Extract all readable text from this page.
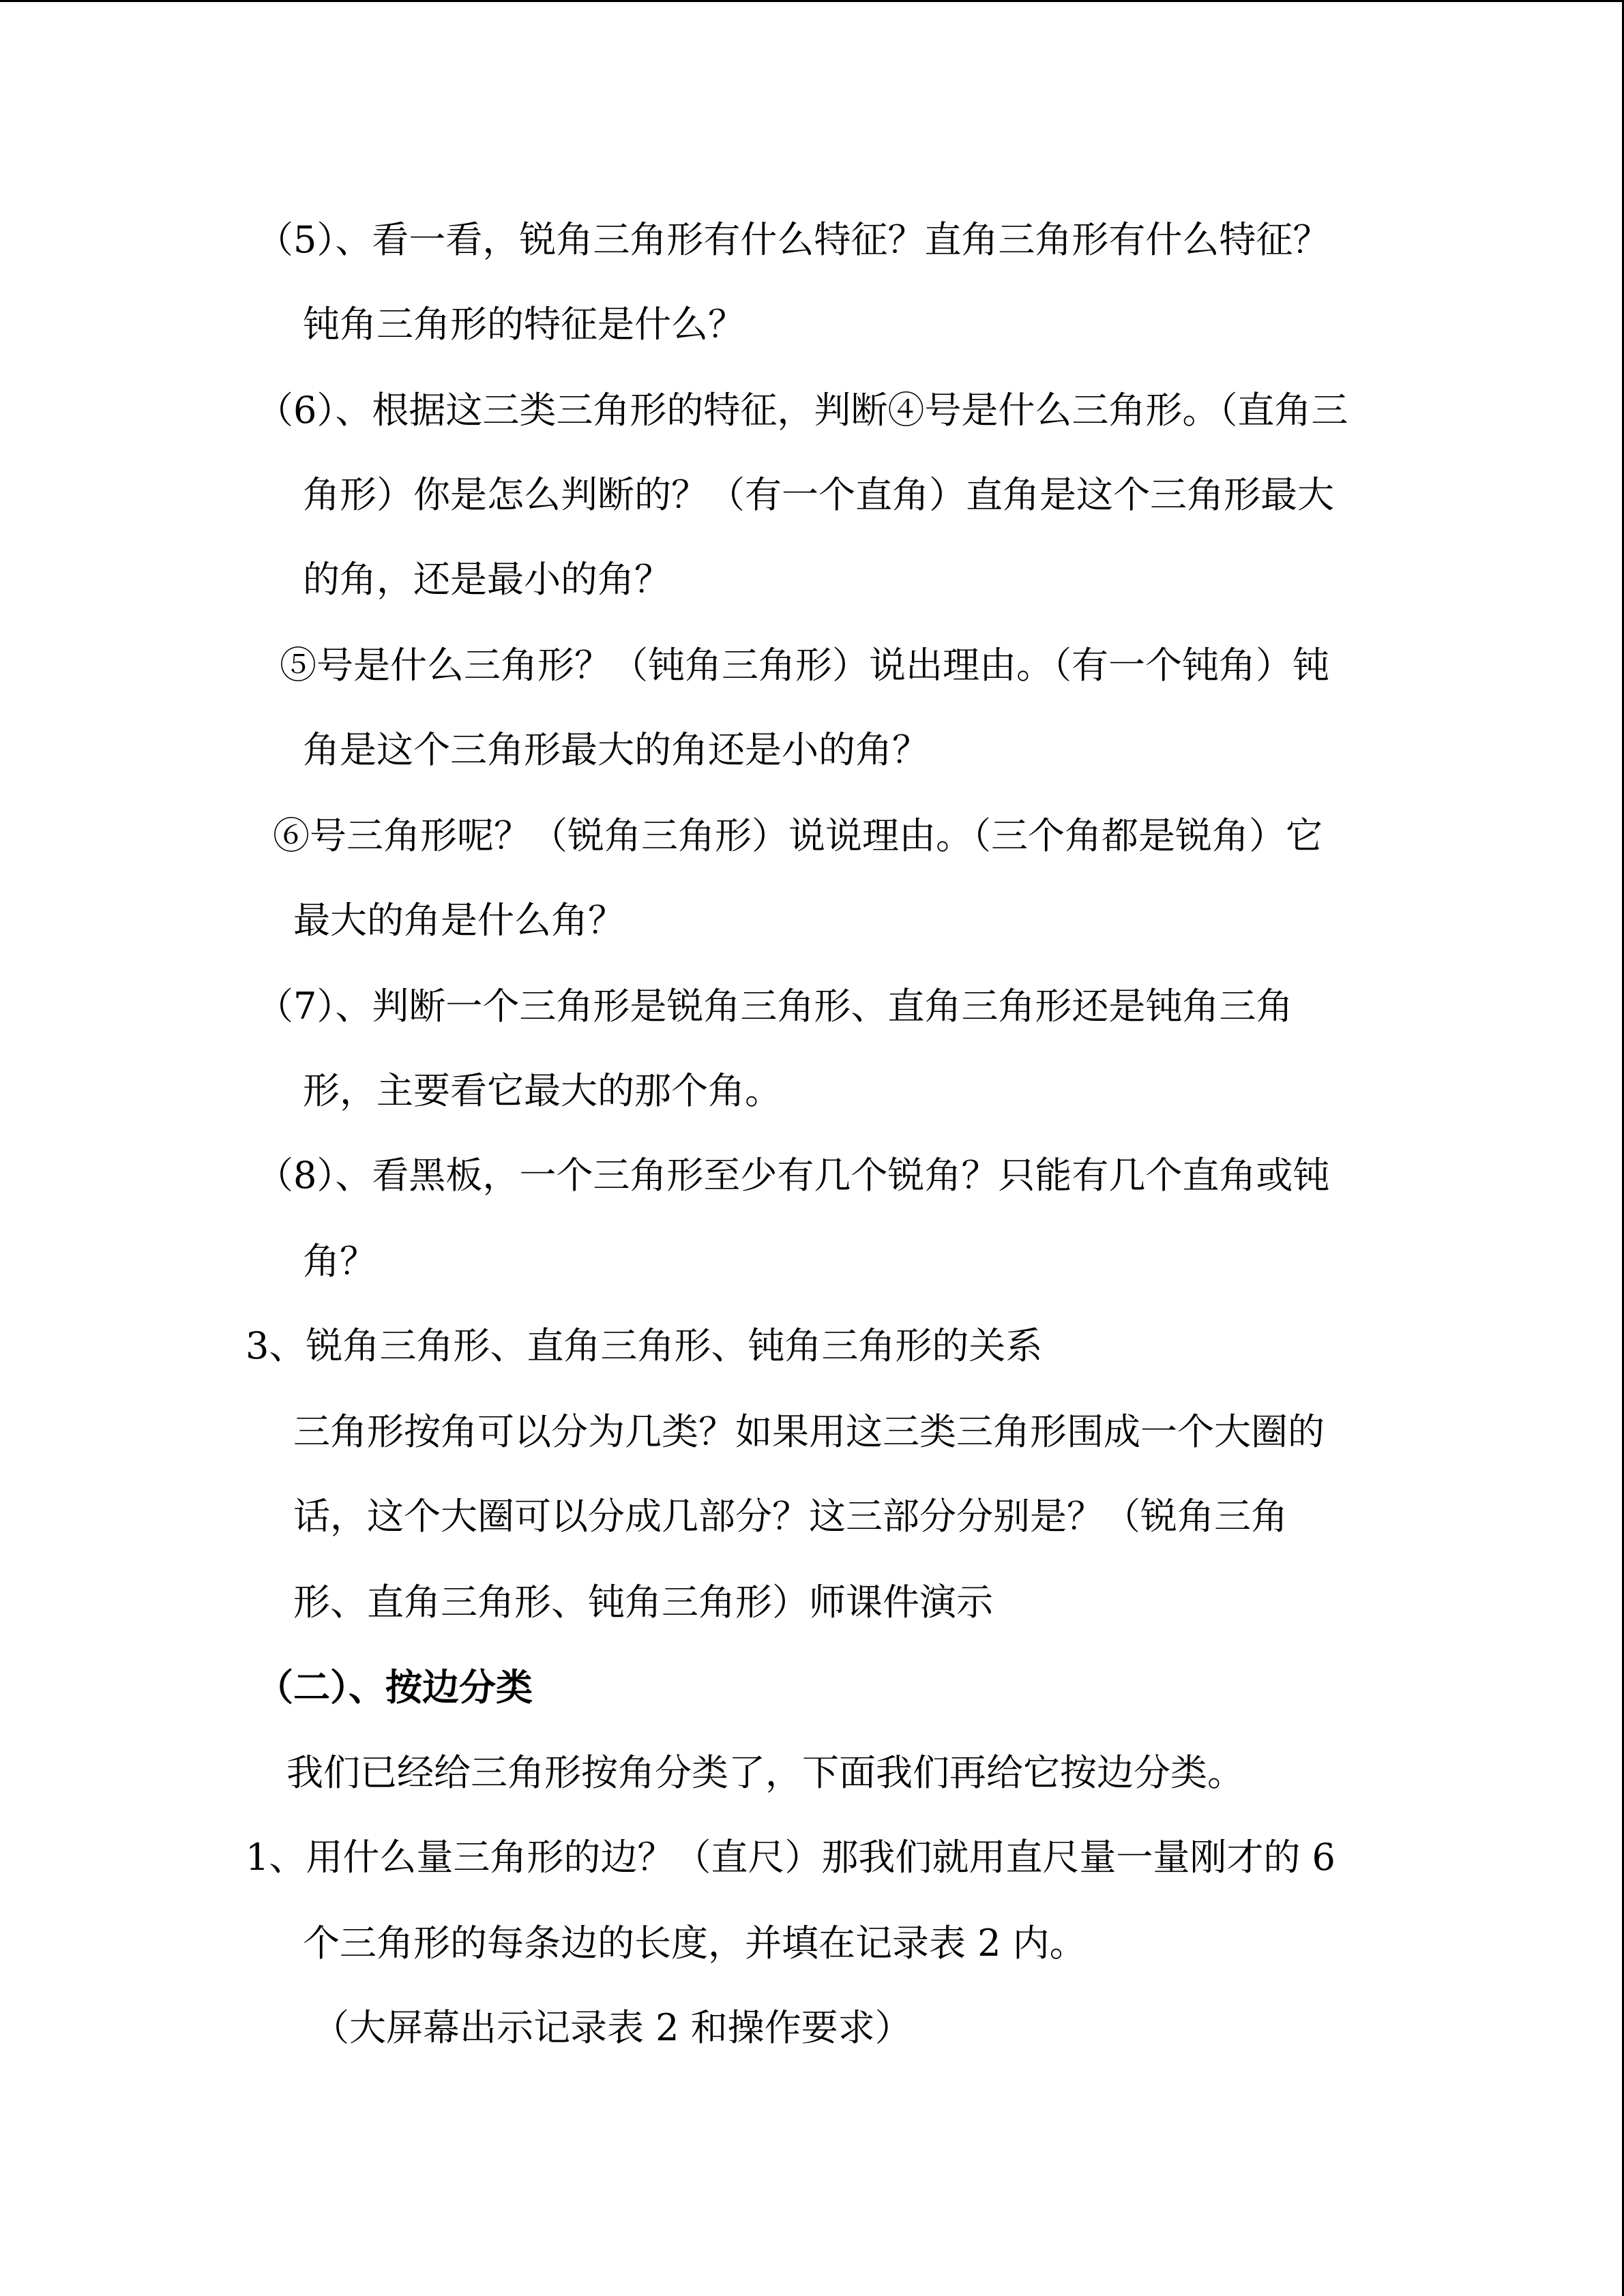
（5）、看一看，锐角三角形有什么特征？直角三角形有什么特征？
钝角三角形的特征是什么？
（6）、根据这三类三角形的特征，判断④号是什么三角形。（直角三
角形）你是怎么判断的？（有一个直角）直角是这个三角形最大
的角，还是最小的角？
⑤号是什么三角形？（钝角三角形）说出理由。（有一个钝角）钝
角是这个三角形最大的角还是小的角？
⑥号三角形呢？（锐角三角形）说说理由。（三个角都是锐角）它
最大的角是什么角？
（7）、判断一个三角形是锐角三角形、直角三角形还是钝角三角
形，主要看它最大的那个角。
（8）、看黑板，一个三角形至少有几个锐角？只能有几个直角或钝
角？
3、锐角三角形、直角三角形、钝角三角形的关系
三角形按角可以分为几类？如果用这三类三角形围成一个大圈的
话，这个大圈可以分成几部分？这三部分分别是？（锐角三角
形、直角三角形、钝角三角形）师课件演示
（二）、按边分类
我们已经给三角形按角分类了，下面我们再给它按边分类。
1、用什么量三角形的边？（直尺）那我们就用直尺量一量刚才的 6
个三角形的每条边的长度，并填在记录表 2 内。
（大屏幕出示记录表 2 和操作要求）
